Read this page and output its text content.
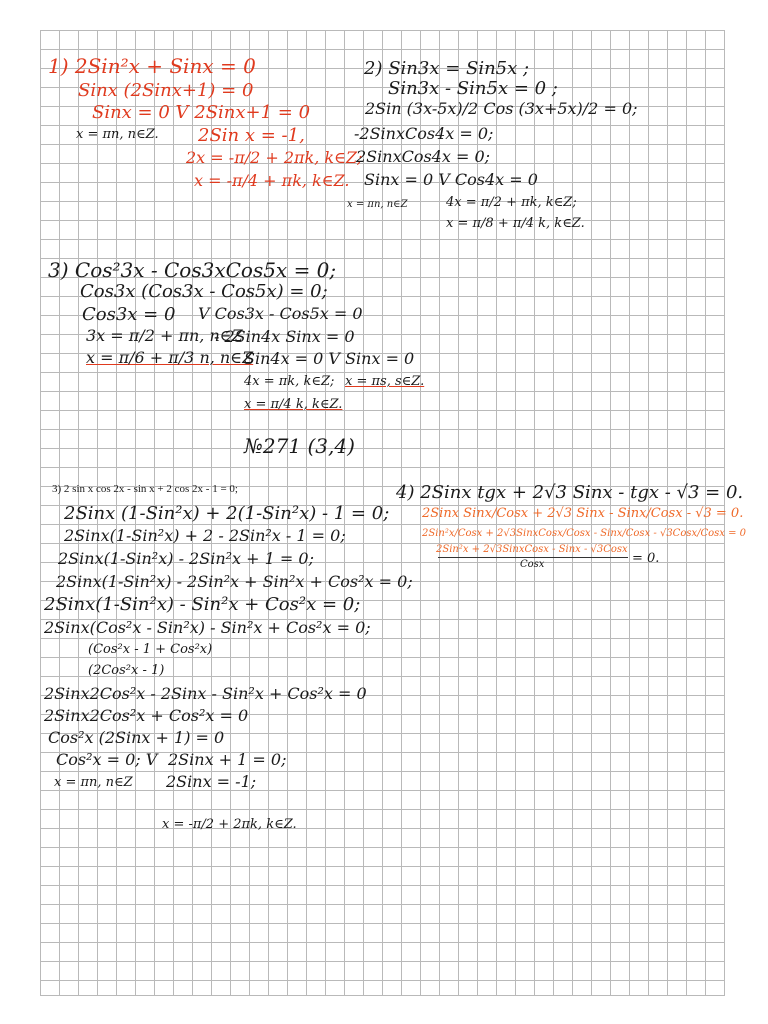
1) 2Sin²x + Sinx = 0

Sinx (2Sinx+1) = 0

Sinx = 0 V 2Sinx+1 = 0

x = πn, n∈Z. 2Sin x = -1,

2x = -π/2 + 2πk, k∈Z;

x = -π/4 + πk, k∈Z.

2) Sin3x = Sin5x ;

Sin3x - Sin5x = 0 ;

2Sin (3x-5x)/2 Cos (3x+5x)/2 = 0;

-2SinxCos4x = 0;

2SinxCos4x = 0;

Sinx = 0 V Cos4x = 0

x = πn, n∈Z	4x = π/2 + πk, k∈Z;

x = π/8 + π/4 k, k∈Z.

3) Cos²3x - Cos3xCos5x = 0;

Cos3x (Cos3x - Cos5x) = 0;

Cos3x = 0 V Cos3x - Cos5x = 0

3x = π/2 + πn, n∈Z

- 2Sin4x Sinx = 0

x = π/6 + π/3 n, n∈Z

Sin4x = 0 V Sinx = 0

4x = πk, k∈Z; x = πs, s∈Z.

x = π/4 k, k∈Z.

№271 (3,4)

3) 2 sin x cos 2x - sin x + 2 cos 2x - 1 = 0;

2Sinx (1-Sin²x) + 2(1-Sin²x) - 1 = 0;

2Sinx(1-Sin²x) + 2 - 2Sin²x - 1 = 0;

2Sinx(1-Sin²x) - 2Sin²x + 1 = 0;

2Sinx(1-Sin²x) - 2Sin²x + Sin²x + Cos²x = 0;

2Sinx(1-Sin²x) - Sin²x + Cos²x = 0;

2Sinx(Cos²x - Sin²x) - Sin²x + Cos²x = 0;

(Cos²x - 1 + Cos²x)

(2Cos²x - 1)

2Sinx2Cos²x - 2Sinx - Sin²x + Cos²x = 0

2Sinx2Cos²x + Cos²x = 0

Cos²x (2Sinx + 1) = 0

Cos²x = 0; V 2Sinx + 1 = 0;

x = πn, n∈Z 2Sinx = -1;

x = -π/2 + 2πk, k∈Z.

4) 2Sinx tgx + 2√3 Sinx - tgx - √3 = 0.

2Sinx Sinx/Cosx + 2√3 Sinx - Sinx/Cosx - √3 = 0.

2Sin²x/Cosx + 2√3SinxCosx/Cosx - Sinx/Cosx - √3Cosx/Cosx = 0

2Sin²x + 2√3SinxCosx - Sinx - √3Cosx

Cosx	= 0.
